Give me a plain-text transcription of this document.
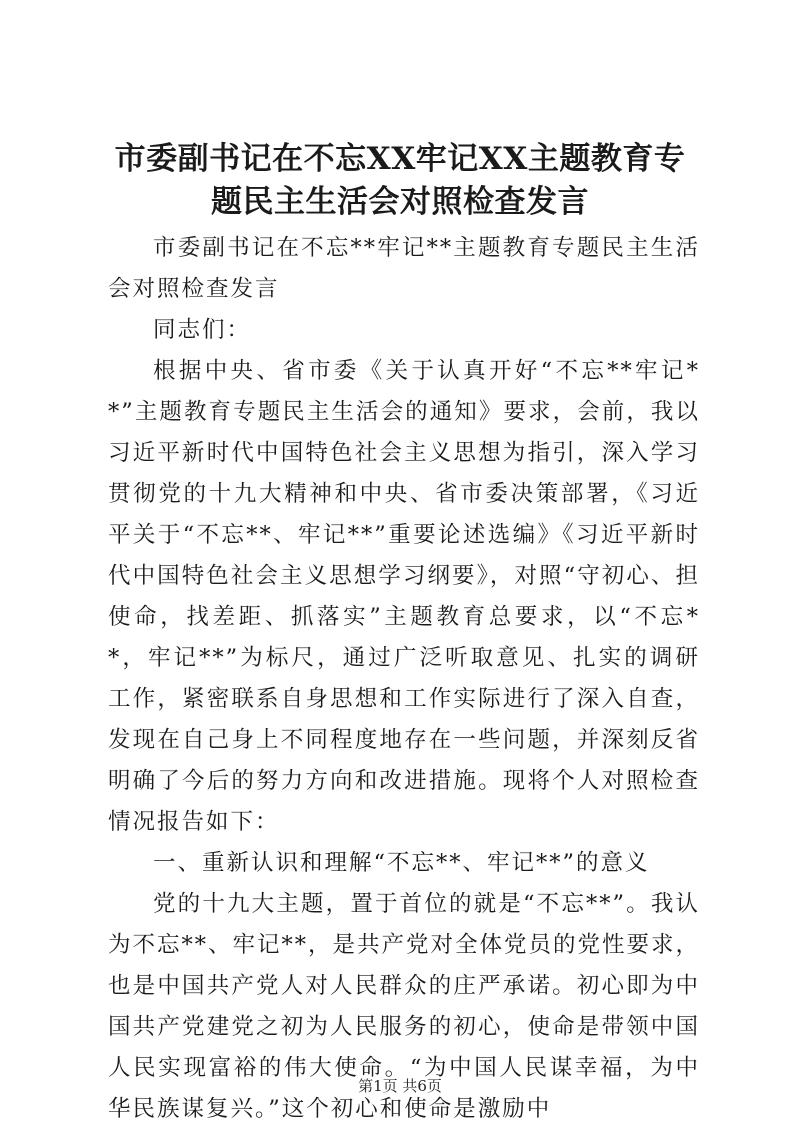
市委副书记在不忘XX牢记XX主题教育专题民主生活会对照检查发言

市委副书记在不忘**牢记**主题教育专题民主生活会对照检查发言

同志们：

根据中央、省市委《关于认真开好“不忘**牢记**”主题教育专题民主生活会的通知》要求，会前，我以习近平新时代中国特色社会主义思想为指引，深入学习贯彻党的十九大精神和中央、省市委决策部署，《习近平关于“不忘**、牢记**”重要论述选编》《习近平新时代中国特色社会主义思想学习纲要》，对照“守初心、担使命，找差距、抓落实”主题教育总要求，以“不忘**，牢记**”为标尺，通过广泛听取意见、扎实的调研工作，紧密联系自身思想和工作实际进行了深入自查，发现在自己身上不同程度地存在一些问题，并深刻反省明确了今后的努力方向和改进措施。现将个人对照检查情况报告如下：

一、重新认识和理解“不忘**、牢记**”的意义

党的十九大主题，置于首位的就是“不忘**”。我认为不忘**、牢记**，是共产党对全体党员的党性要求，也是中国共产党人对人民群众的庄严承诺。初心即为中国共产党建党之初为人民服务的初心，使命是带领中国人民实现富裕的伟大使命。“为中国人民谋幸福，为中华民族谋复兴。”这个初心和使命是激励中

第1页 共6页
